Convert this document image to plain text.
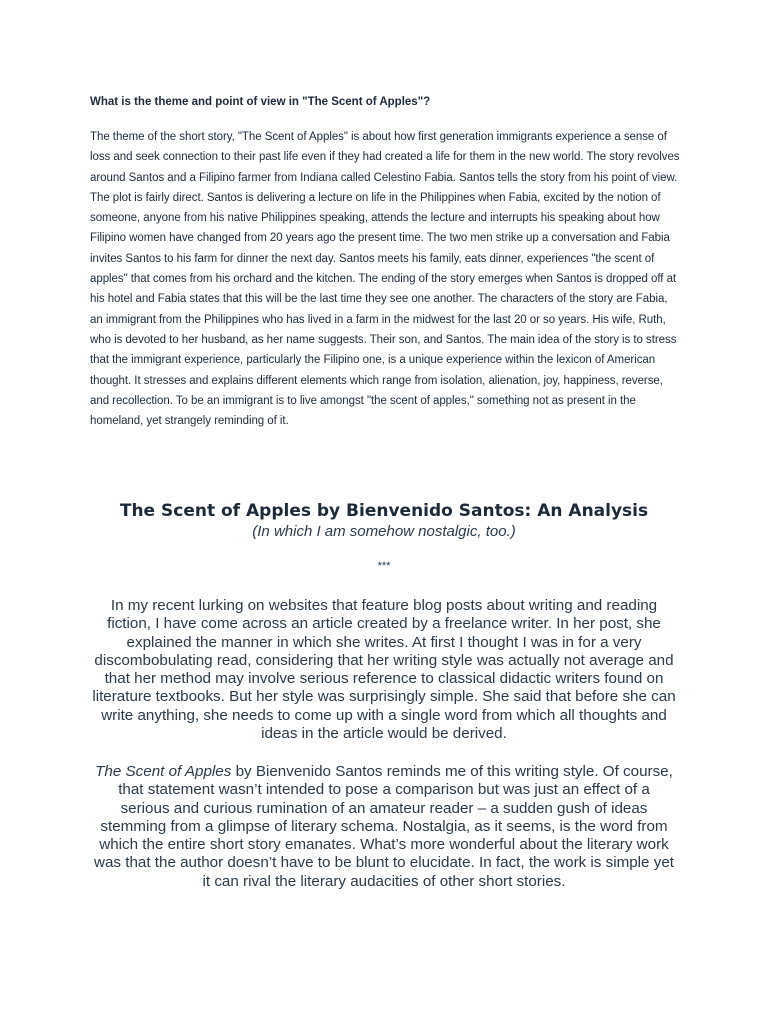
What is the theme and point of view in "The Scent of Apples"?

The theme of the short story, "The Scent of Apples" is about how first generation immigrants experience a sense of loss and seek connection to their past life even if they had created a life for them in the new world. The story revolves around Santos and a Filipino farmer from Indiana called Celestino Fabia. Santos tells the story from his point of view. The plot is fairly direct. Santos is delivering a lecture on life in the Philippines when Fabia, excited by the notion of someone, anyone from his native Philippines speaking, attends the lecture and interrupts his speaking about how Filipino women have changed from 20 years ago the present time. The two men strike up a conversation and Fabia invites Santos to his farm for dinner the next day. Santos meets his family, eats dinner, experiences "the scent of apples" that comes from his orchard and the kitchen. The ending of the story emerges when Santos is dropped off at his hotel and Fabia states that this will be the last time they see one another. The characters of the story are Fabia, an immigrant from the Philippines who has lived in a farm in the midwest for the last 20 or so years. His wife, Ruth, who is devoted to her husband, as her name suggests. Their son, and Santos. The main idea of the story is to stress that the immigrant experience, particularly the Filipino one, is a unique experience within the lexicon of American thought. It stresses and explains different elements which range from isolation, alienation, joy, happiness, reverse, and recollection. To be an immigrant is to live amongst "the scent of apples," something not as present in the homeland, yet strangely reminding of it.

The Scent of Apples by Bienvenido Santos: An Analysis

(In which I am somehow nostalgic, too.)

***

In my recent lurking on websites that feature blog posts about writing and reading fiction, I have come across an article created by a freelance writer. In her post, she explained the manner in which she writes. At first I thought I was in for a very discombobulating read, considering that her writing style was actually not average and that her method may involve serious reference to classical didactic writers found on literature textbooks. But her style was surprisingly simple. She said that before she can write anything, she needs to come up with a single word from which all thoughts and ideas in the article would be derived.

The Scent of Apples by Bienvenido Santos reminds me of this writing style. Of course, that statement wasn’t intended to pose a comparison but was just an effect of a serious and curious rumination of an amateur reader – a sudden gush of ideas stemming from a glimpse of literary schema. Nostalgia, as it seems, is the word from which the entire short story emanates. What’s more wonderful about the literary work was that the author doesn’t have to be blunt to elucidate. In fact, the work is simple yet it can rival the literary audacities of other short stories.
